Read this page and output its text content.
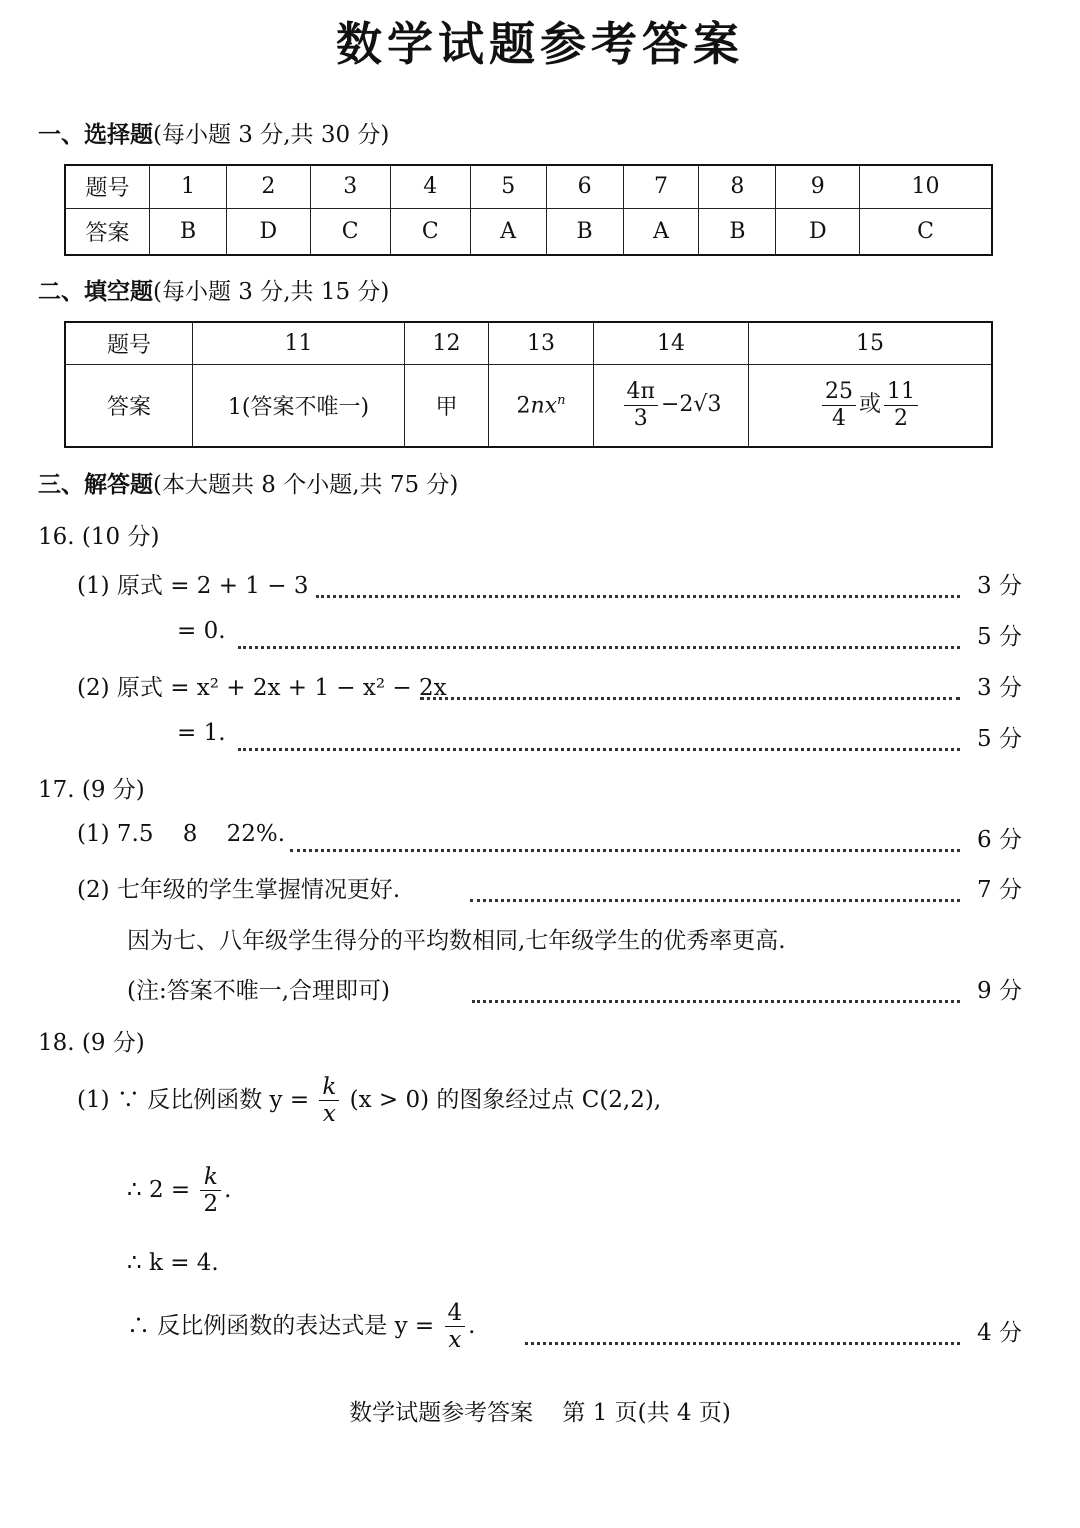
数学试题参考答案
一、选择题(每小题 3 分,共 30 分)
题号	1	2	3	4	5	6	7	8	9	10
答案	B	D	C	C	A	B	A	B	D	C
二、填空题(每小题 3 分,共 15 分)
题号	11	12	13	14	15
答案	1(答案不唯一)	甲	$2nx^n$	$\frac{4\pi}{3} -2√3$	$\frac{25}{4}$ 或 $\frac{11}{2}$
三、解答题(本大题共 8 个小题,共 75 分)
16. (10 分)
(1) 原式 = 2 + 1 − 3	3 分
= 0.	5 分
(2) 原式 = x² + 2x + 1 − x² − 2x	3 分
= 1.	5 分
17. (9 分)
(1) 7.5    8    22%.	6 分
(2) 七年级的学生掌握情况更好.	7 分
因为七、八年级学生得分的平均数相同,七年级学生的优秀率更高.
(注:答案不唯一,合理即可)	9 分
18. (9 分)
(1) ∵ 反比例函数 $y = \frac{k}{x} (x > 0)$ 的图象经过点 C(2,2),
∴ $2 = \frac{k}{2}$ .
∴ k = 4.
∴ 反比例函数的表达式是 $y = \frac{4}{x}$ .	4 分
数学试题参考答案    第 1 页(共 4 页)
